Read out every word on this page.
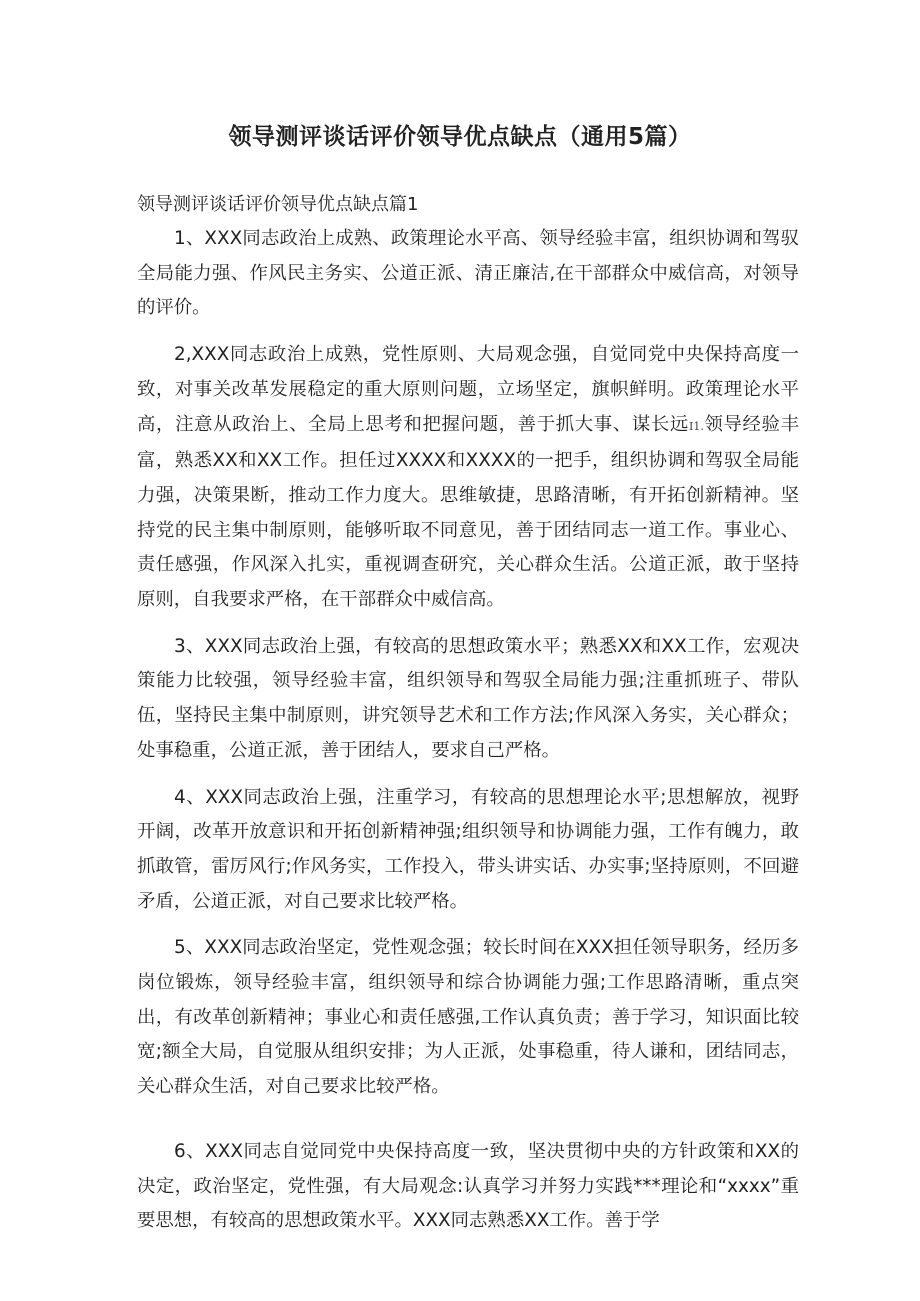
领导测评谈话评价领导优点缺点（通用5篇）
领导测评谈话评价领导优点缺点篇1

1、XXX同志政治上成熟、政策理论水平高、领导经验丰富，组织协调和驾驭全局能力强、作风民主务实、公道正派、清正廉洁,在干部群众中威信高，对领导的评价。

2,XXX同志政治上成熟，党性原则、大局观念强，自觉同党中央保持高度一致，对事关改革发展稳定的重大原则问题，立场坚定，旗帜鲜明。政策理论水平高，注意从政治上、全局上思考和把握问题，善于抓大事、谋长远I1.领导经验丰富，熟悉XX和XX工作。担任过XXXX和XXXX的一把手，组织协调和驾驭全局能力强，决策果断，推动工作力度大。思维敏捷，思路清晰，有开拓创新精神。坚持党的民主集中制原则，能够听取不同意见，善于团结同志一道工作。事业心、责任感强，作风深入扎实，重视调查研究，关心群众生活。公道正派，敢于坚持原则，自我要求严格，在干部群众中威信高。

3、XXX同志政治上强，有较高的思想政策水平；熟悉XX和XX工作，宏观决策能力比较强，领导经验丰富，组织领导和驾驭全局能力强;注重抓班子、带队伍，坚持民主集中制原则，讲究领导艺术和工作方法;作风深入务实，关心群众；处事稳重，公道正派，善于团结人，要求自己严格。

4、XXX同志政治上强，注重学习，有较高的思想理论水平;思想解放，视野开阔，改革开放意识和开拓创新精神强;组织领导和协调能力强，工作有魄力，敢抓敢管，雷厉风行;作风务实，工作投入，带头讲实话、办实事;坚持原则，不回避矛盾，公道正派，对自己要求比较严格。

5、XXX同志政治坚定，党性观念强；较长时间在XXX担任领导职务，经历多岗位锻炼，领导经验丰富，组织领导和综合协调能力强;工作思路清晰，重点突出，有改革创新精神；事业心和责任感强,工作认真负责；善于学习，知识面比较宽;额全大局，自觉服从组织安排；为人正派，处事稳重，待人谦和，团结同志，关心群众生活，对自己要求比较严格。

6、XXX同志自觉同党中央保持高度一致，坚决贯彻中央的方针政策和XX的决定，政治坚定，党性强，有大局观念:认真学习并努力实践***理论和“xxxx”重要思想，有较高的思想政策水平。XXX同志熟悉XX工作。善于学
